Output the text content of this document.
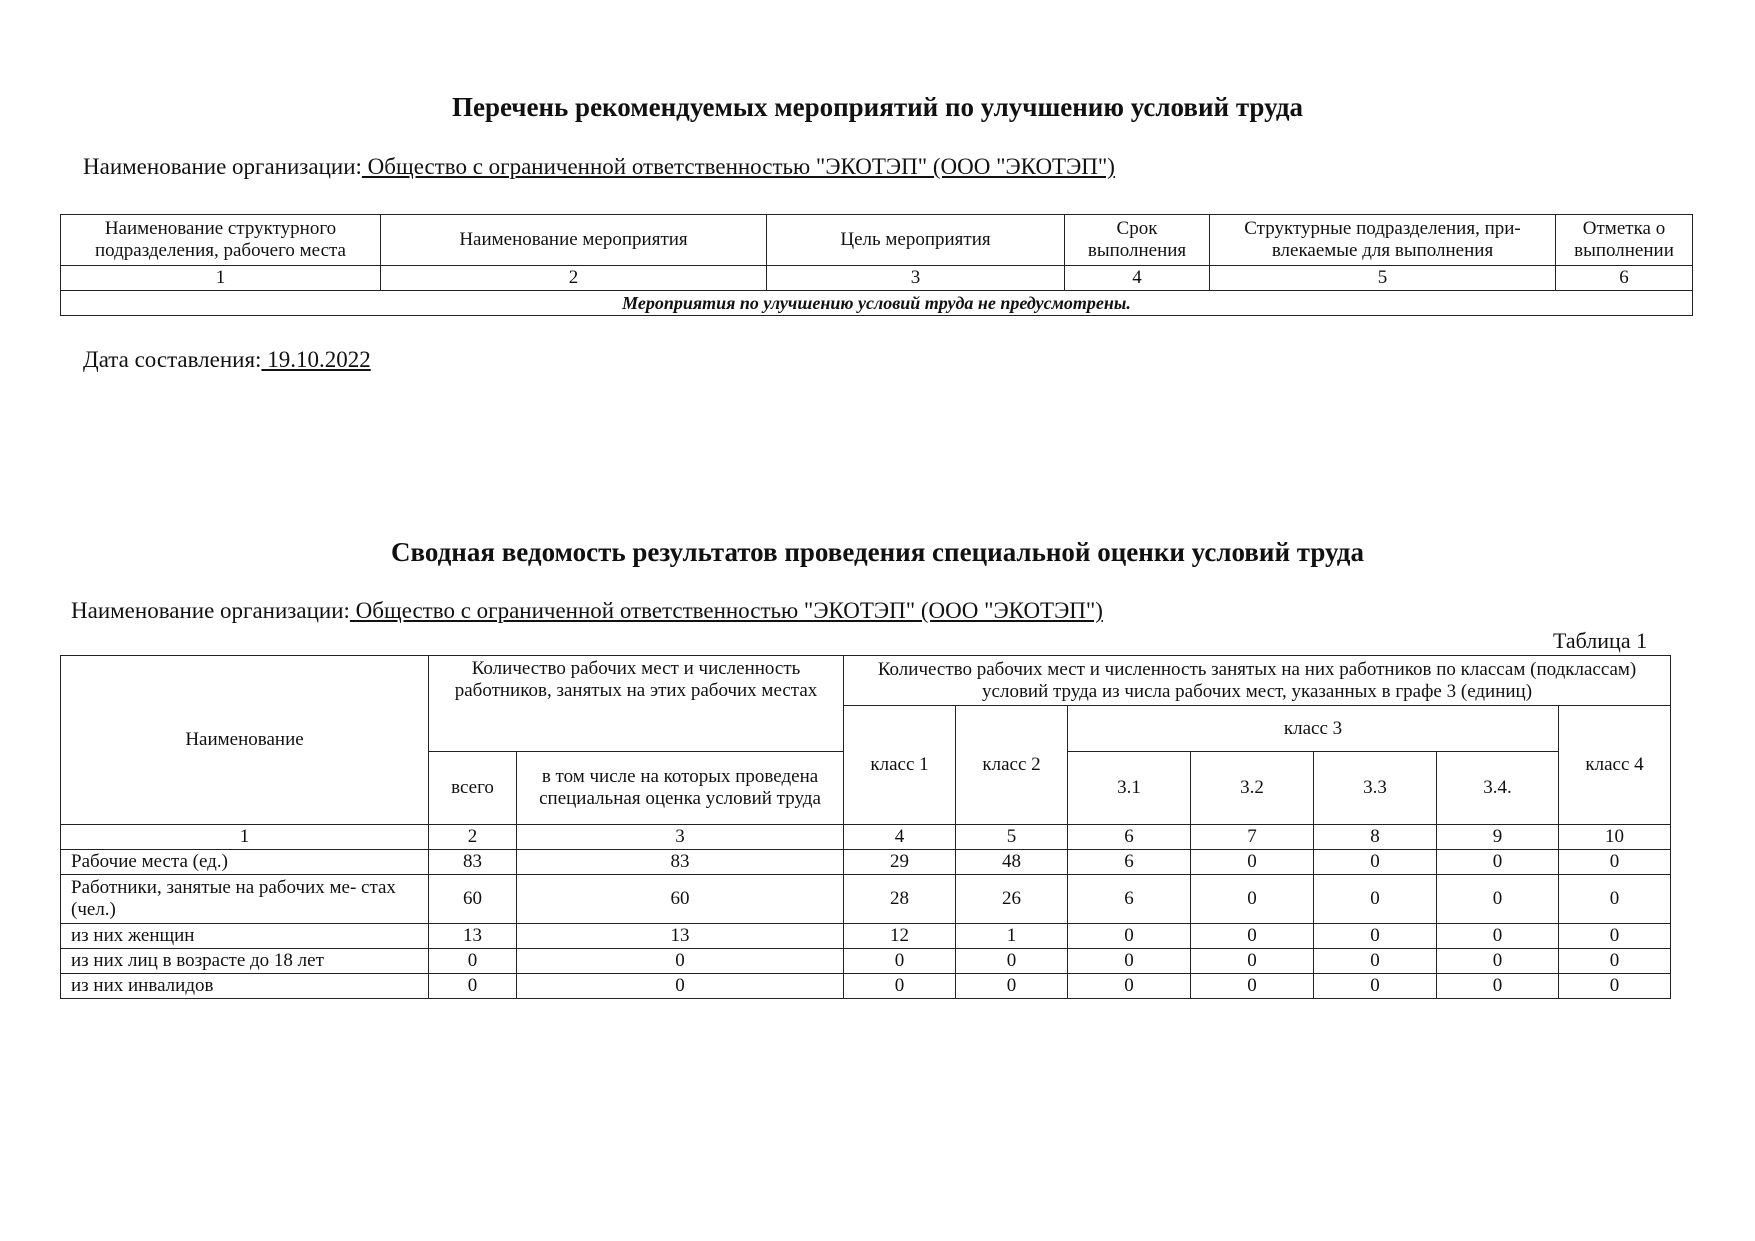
Перечень рекомендуемых мероприятий по улучшению условий труда
Наименование организации: Общество с ограниченной ответственностью "ЭКОТЭП" (ООО "ЭКОТЭП")
Наименование структурного подразделения, рабочего места	Наименование мероприятия	Цель мероприятия	Срок выполнения	Структурные подразделения, при- влекаемые для выполнения	Отметка о выполнении
1	2	3	4	5	6
Мероприятия по улучшению условий труда не предусмотрены.					
Дата составления: 19.10.2022
Сводная ведомость результатов проведения специальной оценки условий труда
Наименование организации: Общество с ограниченной ответственностью "ЭКОТЭП" (ООО "ЭКОТЭП")
Таблица 1
Наименование	Количество рабочих мест и численность работников, занятых на этих рабочих местах		Количество рабочих мест и численность занятых на них работников по классам (подклассам) условий труда из числа рабочих мест, указанных в графе 3 (единиц)						
			класс 1	класс 2	класс 3				класс 4
	всего	в том числе на которых проведена специальная оценка условий труда			3.1	3.2	3.3	3.4.	
1	2	3	4	5	6	7	8	9	10
Рабочие места (ед.)	83	83	29	48	6	0	0	0	0
Работники, занятые на рабочих ме- стах (чел.)	60	60	28	26	6	0	0	0	0
из них женщин	13	13	12	1	0	0	0	0	0
из них лиц в возрасте до 18 лет	0	0	0	0	0	0	0	0	0
из них инвалидов	0	0	0	0	0	0	0	0	0
